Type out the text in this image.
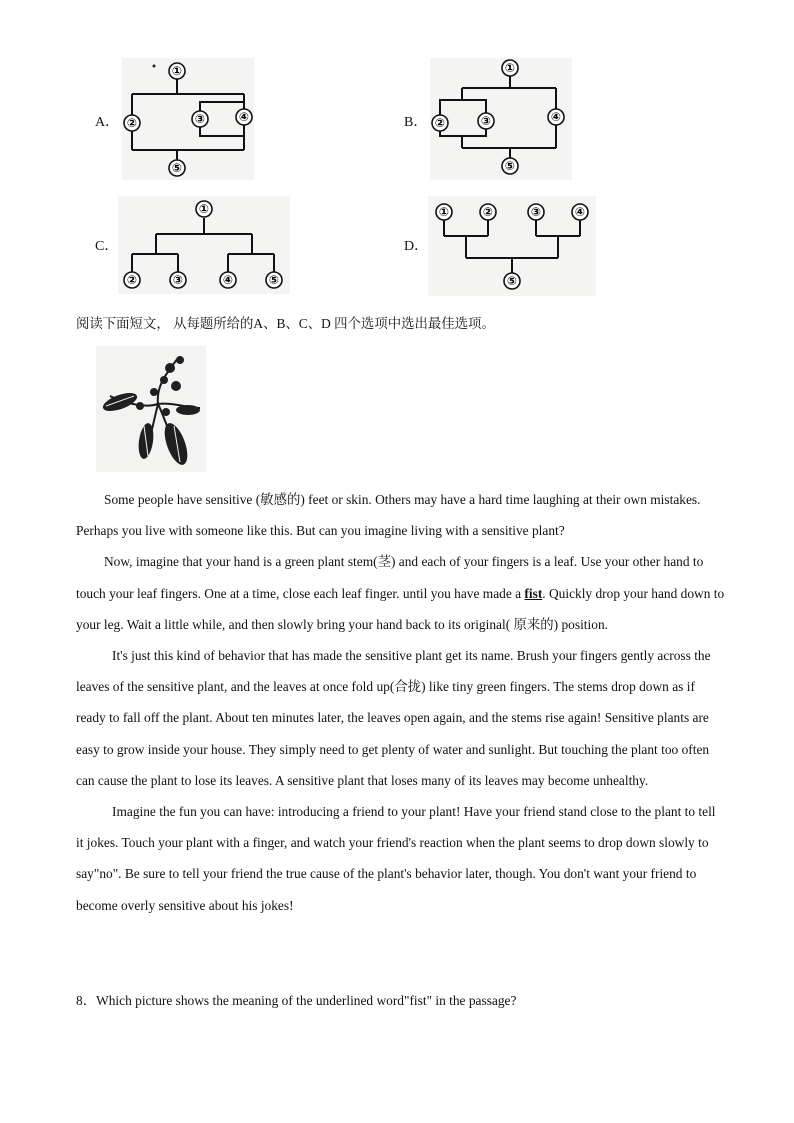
A．	B．
C．	D．
①
②	③	④
⑤
①
②	③	④
⑤
①
②	③	④	⑤
①	②	③	④
⑤
阅读下面短文， 从每题所给的A、B、C、D 四个选项中选出最佳选项。

Some people have sensitive (敏感的) feet or skin. Others may have a hard time laughing at their own mistakes. Perhaps you live with someone like this. But can you imagine living with a sensitive plant?

Now, imagine that your hand is a green plant stem(茎) and each of your fingers is a leaf. Use your other hand to touch your leaf fingers. One at a time, close each leaf finger. until you have made a fist. Quickly drop your hand down to your leg. Wait a little while, and then slowly bring your hand back to its original( 原来的) position.

It's just this kind of behavior that has made the sensitive plant get its name. Brush your fingers gently across the leaves of the sensitive plant, and the leaves at once fold up(合拢) like tiny green fingers. The stems drop down as if ready to fall off the plant. About ten minutes later, the leaves open again, and the stems rise again! Sensitive plants are easy to grow inside your house. They simply need to get plenty of water and sunlight. But touching the plant too often can cause the plant to lose its leaves. A sensitive plant that loses many of its leaves may become unhealthy.

Imagine the fun you can have: introducing a friend to your plant! Have your friend stand close to the plant to tell it jokes. Touch your plant with a finger, and watch your friend's reaction when the plant seems to drop down slowly to say"no". Be sure to tell your friend the true cause of the plant's behavior later, though. You don't want your friend to become overly sensitive about his jokes!

8．Which picture shows the meaning of the underlined word"fist" in the passage?
